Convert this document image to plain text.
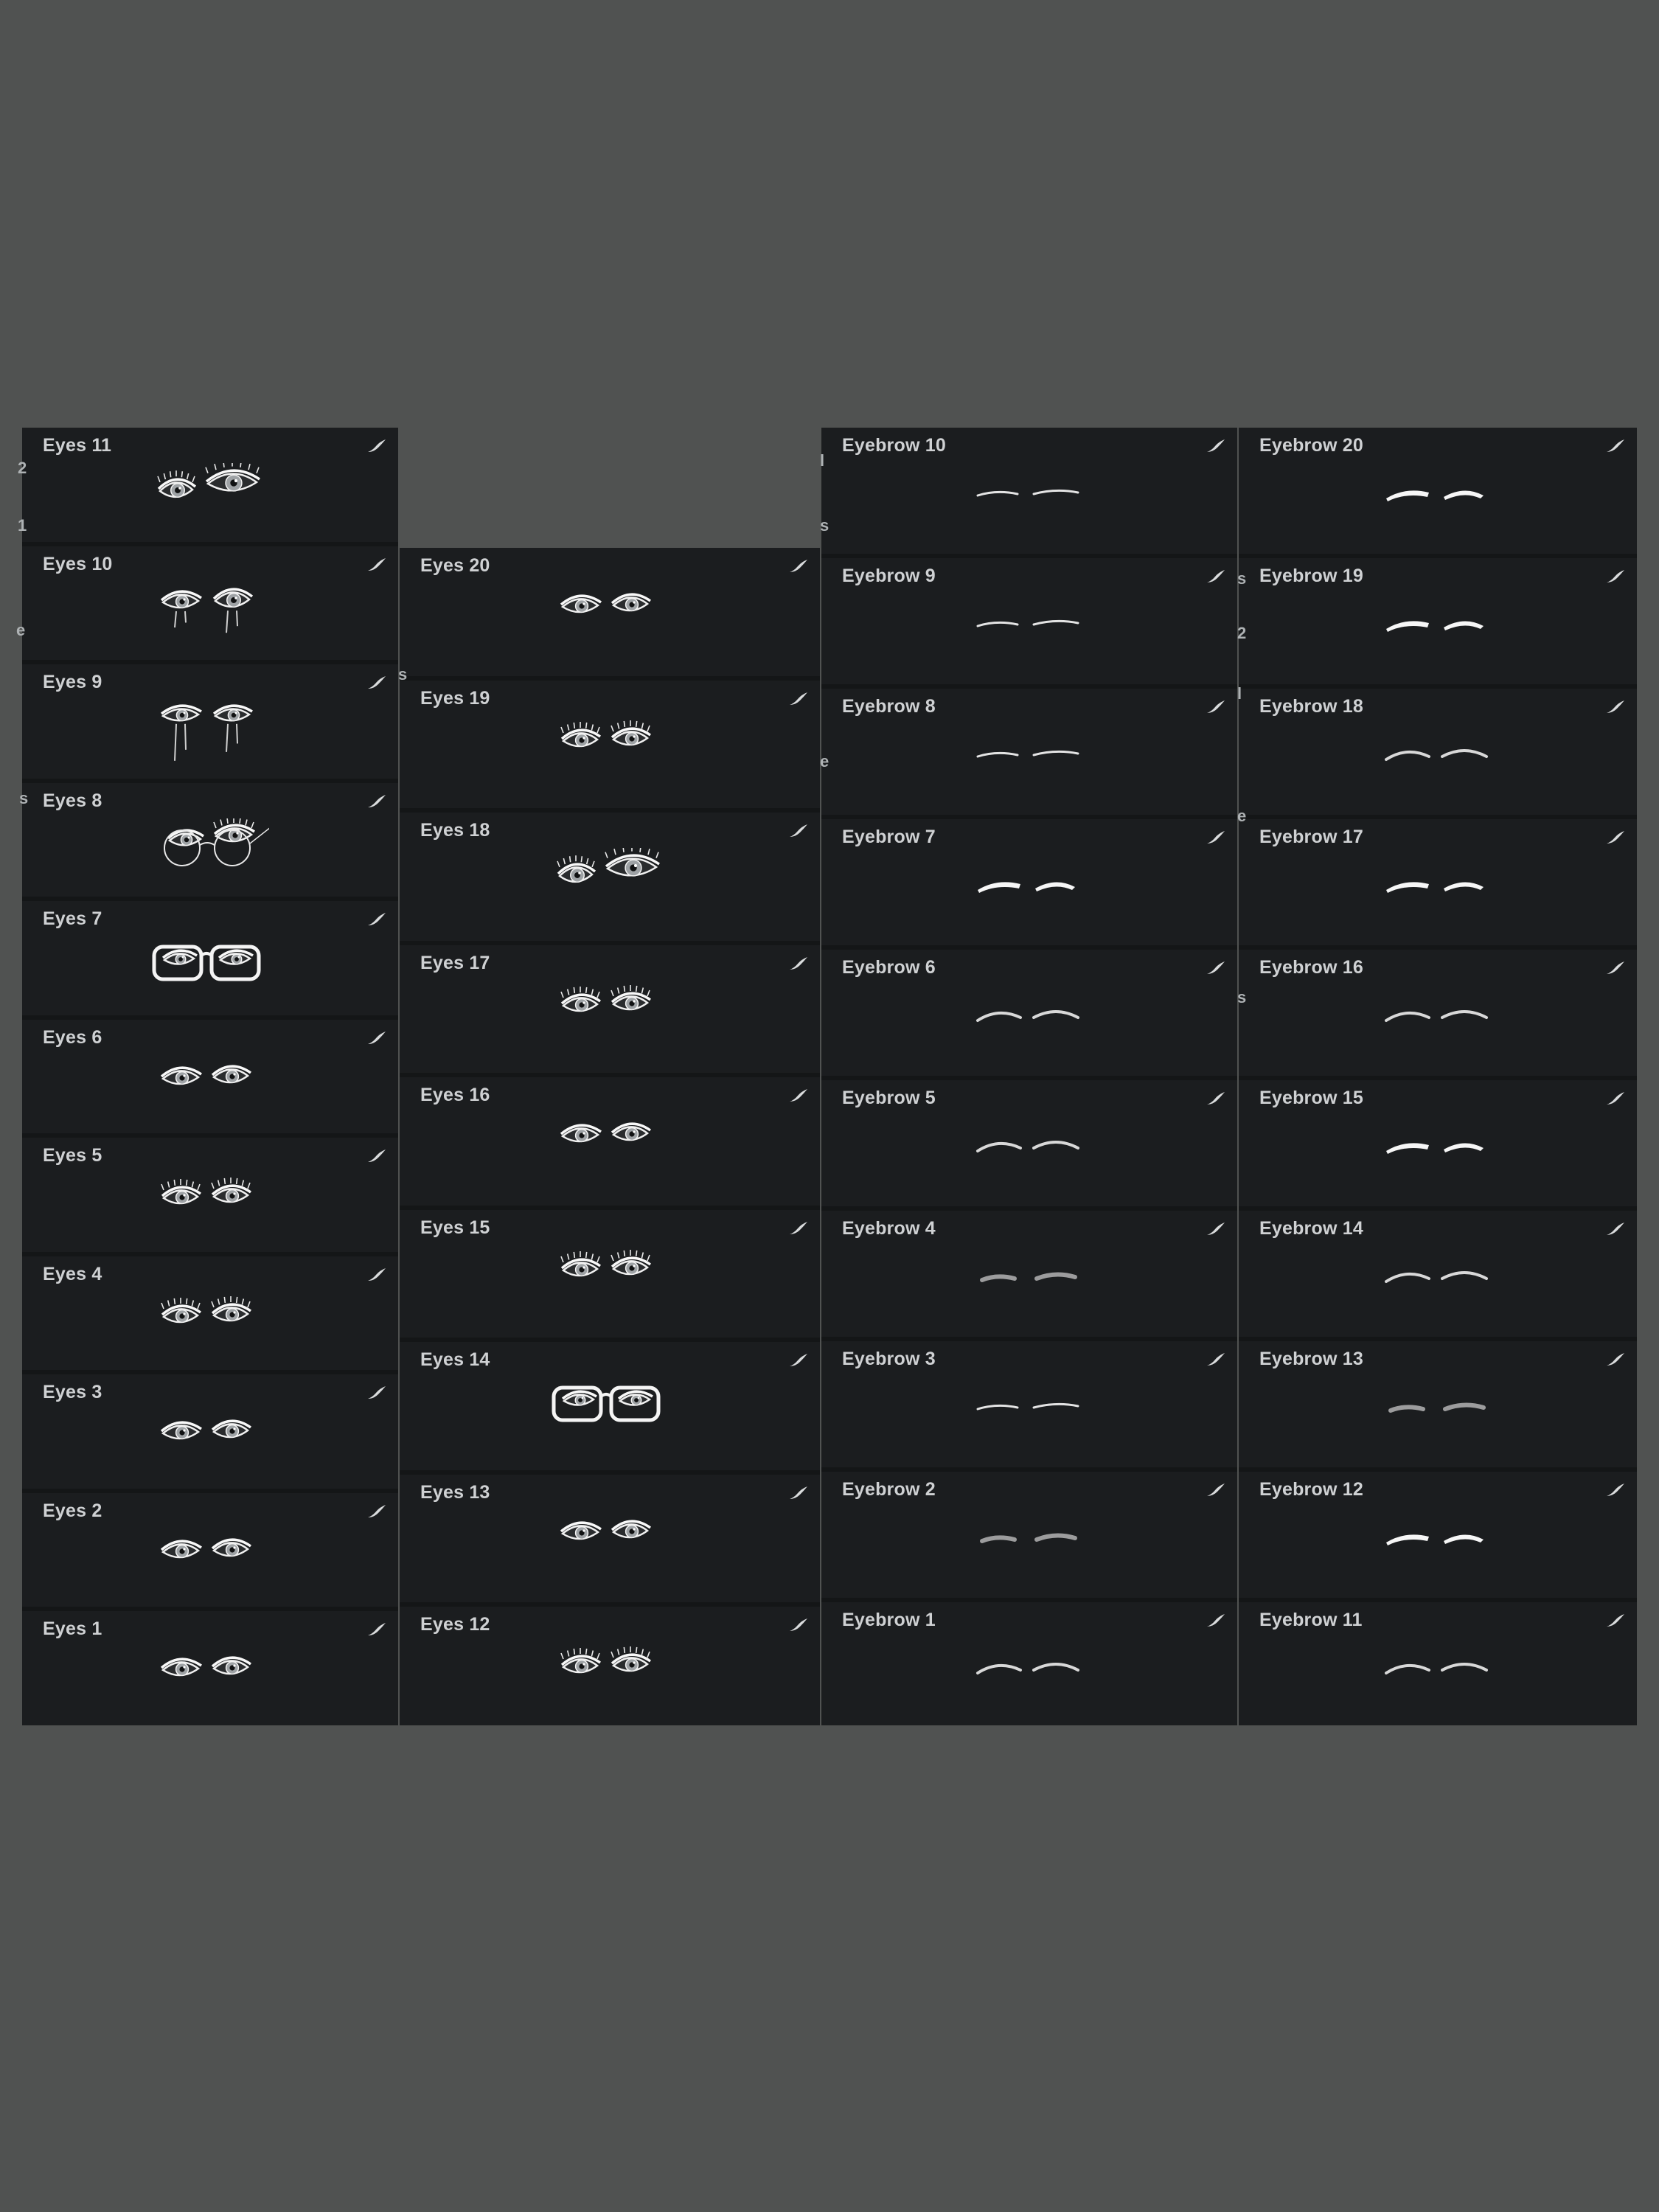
Eyes 11
Eyes 10
Eyes 9
Eyes 8
Eyes 7
Eyes 6
Eyes 5
Eyes 4
Eyes 3
Eyes 2
Eyes 1
Eyes 20
Eyes 19
Eyes 18
Eyes 17
Eyes 16
Eyes 15
Eyes 14
Eyes 13
Eyes 12
Eyebrow 10
Eyebrow 9
Eyebrow 8
Eyebrow 7
Eyebrow 6
Eyebrow 5
Eyebrow 4
Eyebrow 3
Eyebrow 2
Eyebrow 1
Eyebrow 20
Eyebrow 19
Eyebrow 18
Eyebrow 17
Eyebrow 16
Eyebrow 15
Eyebrow 14
Eyebrow 13
Eyebrow 12
Eyebrow 11
2
1
e
s
s
l
s
e
s
2
l
e
s
